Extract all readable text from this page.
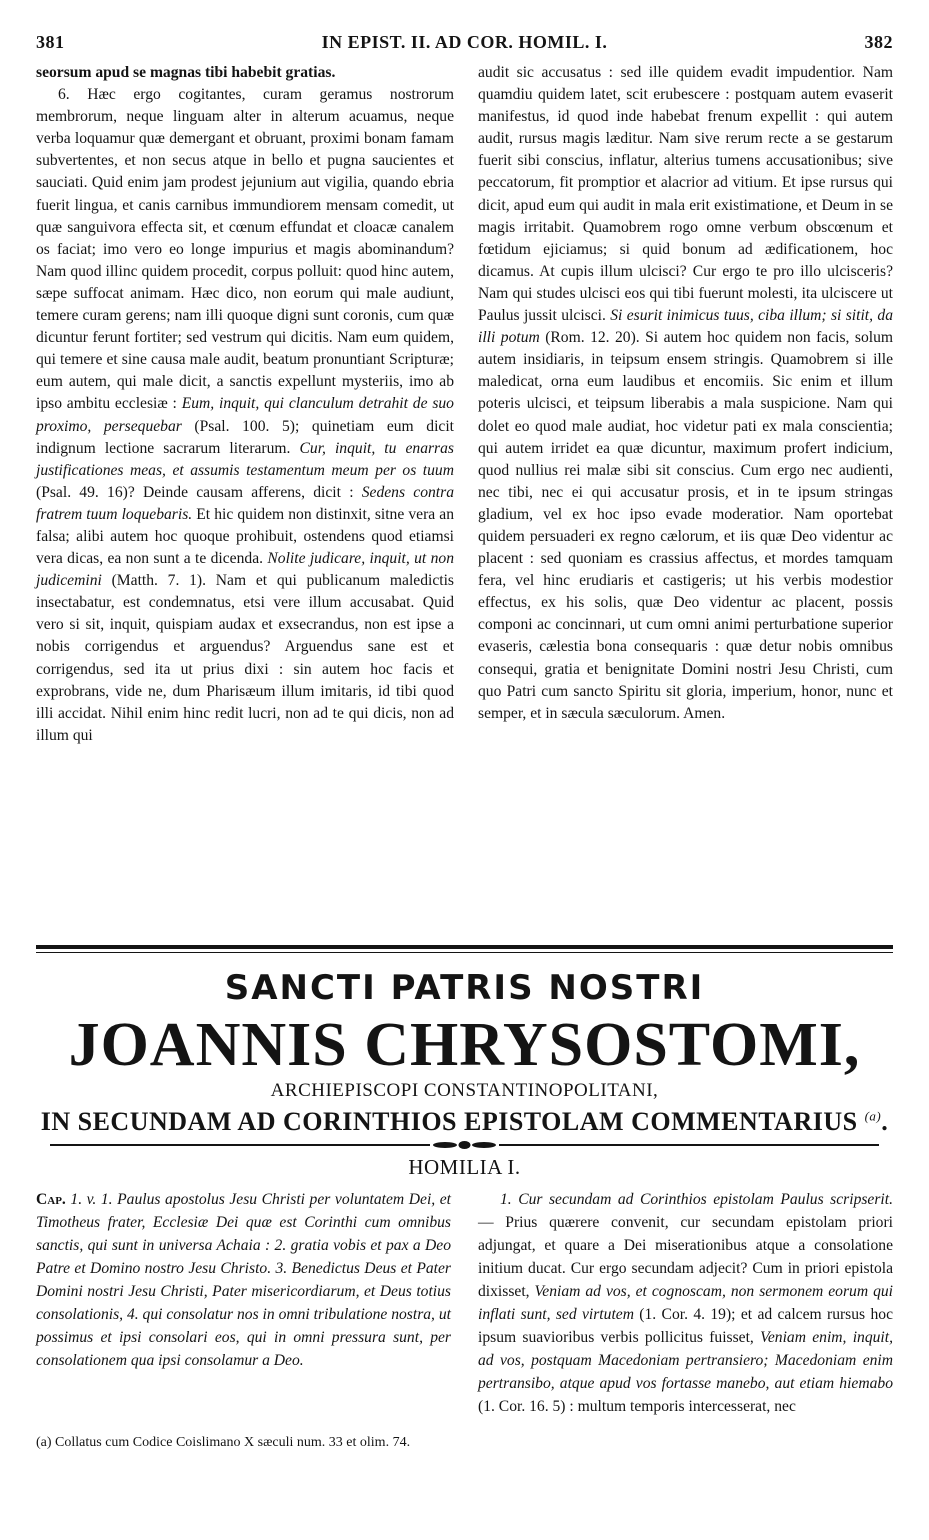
381	IN EPIST. II. AD COR. HOMIL. I.	382

seorsum apud se magnas tibi habebit gratias.

6. Hæc ergo cogitantes, curam geramus nostrorum membrorum, neque linguam alter in alterum acuamus, neque verba loquamur quæ demergant et obruant, proximi bonam famam subvertentes, et non secus atque in bello et pugna saucientes et sauciati. Quid enim jam prodest jejunium aut vigilia, quando ebria fuerit lingua, et canis carnibus immundiorem mensam comedit, ut quæ sanguivora effecta sit, et cœnum effundat et cloacæ canalem os faciat; imo vero eo longe impurius et magis abominandum? Nam quod illinc quidem procedit, corpus polluit: quod hinc autem, sæpe suffocat animam. Hæc dico, non eorum qui male audiunt, temere curam gerens; nam illi quoque digni sunt coronis, cum quæ dicuntur ferunt fortiter; sed vestrum qui dicitis. Nam eum quidem, qui temere et sine causa male audit, beatum pronuntiant Scripturæ; eum autem, qui male dicit, a sanctis expellunt mysteriis, imo ab ipso ambitu ecclesiæ : Eum, inquit, qui clanculum detrahit de suo proximo, persequebar (Psal. 100. 5); quinetiam eum dicit indignum lectione sacrarum literarum. Cur, inquit, tu enarras justificationes meas, et assumis testamentum meum per os tuum (Psal. 49. 16)? Deinde causam afferens, dicit : Sedens contra fratrem tuum loquebaris. Et hic quidem non distinxit, sitne vera an falsa; alibi autem hoc quoque prohibuit, ostendens quod etiamsi vera dicas, ea non sunt a te dicenda. Nolite judicare, inquit, ut non judicemini (Matth. 7. 1). Nam et qui publicanum maledictis insectabatur, est condemnatus, etsi vere illum accusabat. Quid vero si sit, inquit, quispiam audax et exsecrandus, non est ipse a nobis corrigendus et arguendus? Arguendus sane est et corrigendus, sed ita ut prius dixi : sin autem hoc facis et exprobrans, vide ne, dum Pharisæum illum imitaris, id tibi quod illi accidat. Nihil enim hinc redit lucri, non ad te qui dicis, non ad illum qui

audit sic accusatus : sed ille quidem evadit impudentior. Nam quamdiu quidem latet, scit erubescere : postquam autem evaserit manifestus, id quod inde habebat frenum expellit : qui autem audit, rursus magis læditur. Nam sive rerum recte a se gestarum fuerit sibi conscius, inflatur, alterius tumens accusationibus; sive peccatorum, fit promptior et alacrior ad vitium. Et ipse rursus qui dicit, apud eum qui audit in mala erit existimatione, et Deum in se magis irritabit. Quamobrem rogo omne verbum obscœnum et fœtidum ejiciamus; si quid bonum ad ædificationem, hoc dicamus. At cupis illum ulcisci? Cur ergo te pro illo ulcisceris? Nam qui studes ulcisci eos qui tibi fuerunt molesti, ita ulciscere ut Paulus jussit ulcisci. Si esurit inimicus tuus, ciba illum; si sitit, da illi potum (Rom. 12. 20). Si autem hoc quidem non facis, solum autem insidiaris, in teipsum ensem stringis. Quamobrem si ille maledicat, orna eum laudibus et encomiis. Sic enim et illum poteris ulcisci, et teipsum liberabis a mala suspicione. Nam qui dolet eo quod male audiat, hoc videtur pati ex mala conscientia; qui autem irridet ea quæ dicuntur, maximum profert indicium, quod nullius rei malæ sibi sit conscius. Cum ergo nec audienti, nec tibi, nec ei qui accusatur prosis, et in te ipsum stringas gladium, vel ex hoc ipso evade moderatior. Nam oportebat quidem persuaderi ex regno cælorum, et iis quæ Deo videntur ac placent : sed quoniam es crassius affectus, et mordes tamquam fera, vel hinc erudiaris et castigeris; ut his verbis modestior effectus, ex his solis, quæ Deo videntur ac placent, possis componi ac concinnari, ut cum omni animi perturbatione superior evaseris, cælestia bona consequaris : quæ detur nobis omnibus consequi, gratia et benignitate Domini nostri Jesu Christi, cum quo Patri cum sancto Spiritu sit gloria, imperium, honor, nunc et semper, et in sæcula sæculorum. Amen.

SANCTI PATRIS NOSTRI
JOANNIS CHRYSOSTOMI,
ARCHIEPISCOPI CONSTANTINOPOLITANI,
IN SECUNDAM AD CORINTHIOS EPISTOLAM COMMENTARIUS $^{(a)}$.
HOMILIA I.

Cap. 1. v. 1. Paulus apostolus Jesu Christi per voluntatem Dei, et Timotheus frater, Ecclesiæ Dei quæ est Corinthi cum omnibus sanctis, qui sunt in universa Achaia : 2. gratia vobis et pax a Deo Patre et Domino nostro Jesu Christo. 3. Benedictus Deus et Pater Domini nostri Jesu Christi, Pater misericordiarum, et Deus totius consolationis, 4. qui consolatur nos in omni tribulatione nostra, ut possimus et ipsi consolari eos, qui in omni pressura sunt, per consolationem qua ipsi consolamur a Deo.

(a) Collatus cum Codice Coislimano X sæculi num. 33 et olim. 74.

1. Cur secundam ad Corinthios epistolam Paulus scripserit. — Prius quærere convenit, cur secundam epistolam priori adjungat, et quare a Dei miserationibus atque a consolatione initium ducat. Cur ergo secundam adjecit? Cum in priori epistola dixisset, Veniam ad vos, et cognoscam, non sermonem eorum qui inflati sunt, sed virtutem (1. Cor. 4. 19); et ad calcem rursus hoc ipsum suavioribus verbis pollicitus fuisset, Veniam enim, inquit, ad vos, postquam Macedoniam pertransiero; Macedoniam enim pertransibo, atque apud vos fortasse manebo, aut etiam hiemabo (1. Cor. 16. 5) : multum temporis intercesserat, nec
